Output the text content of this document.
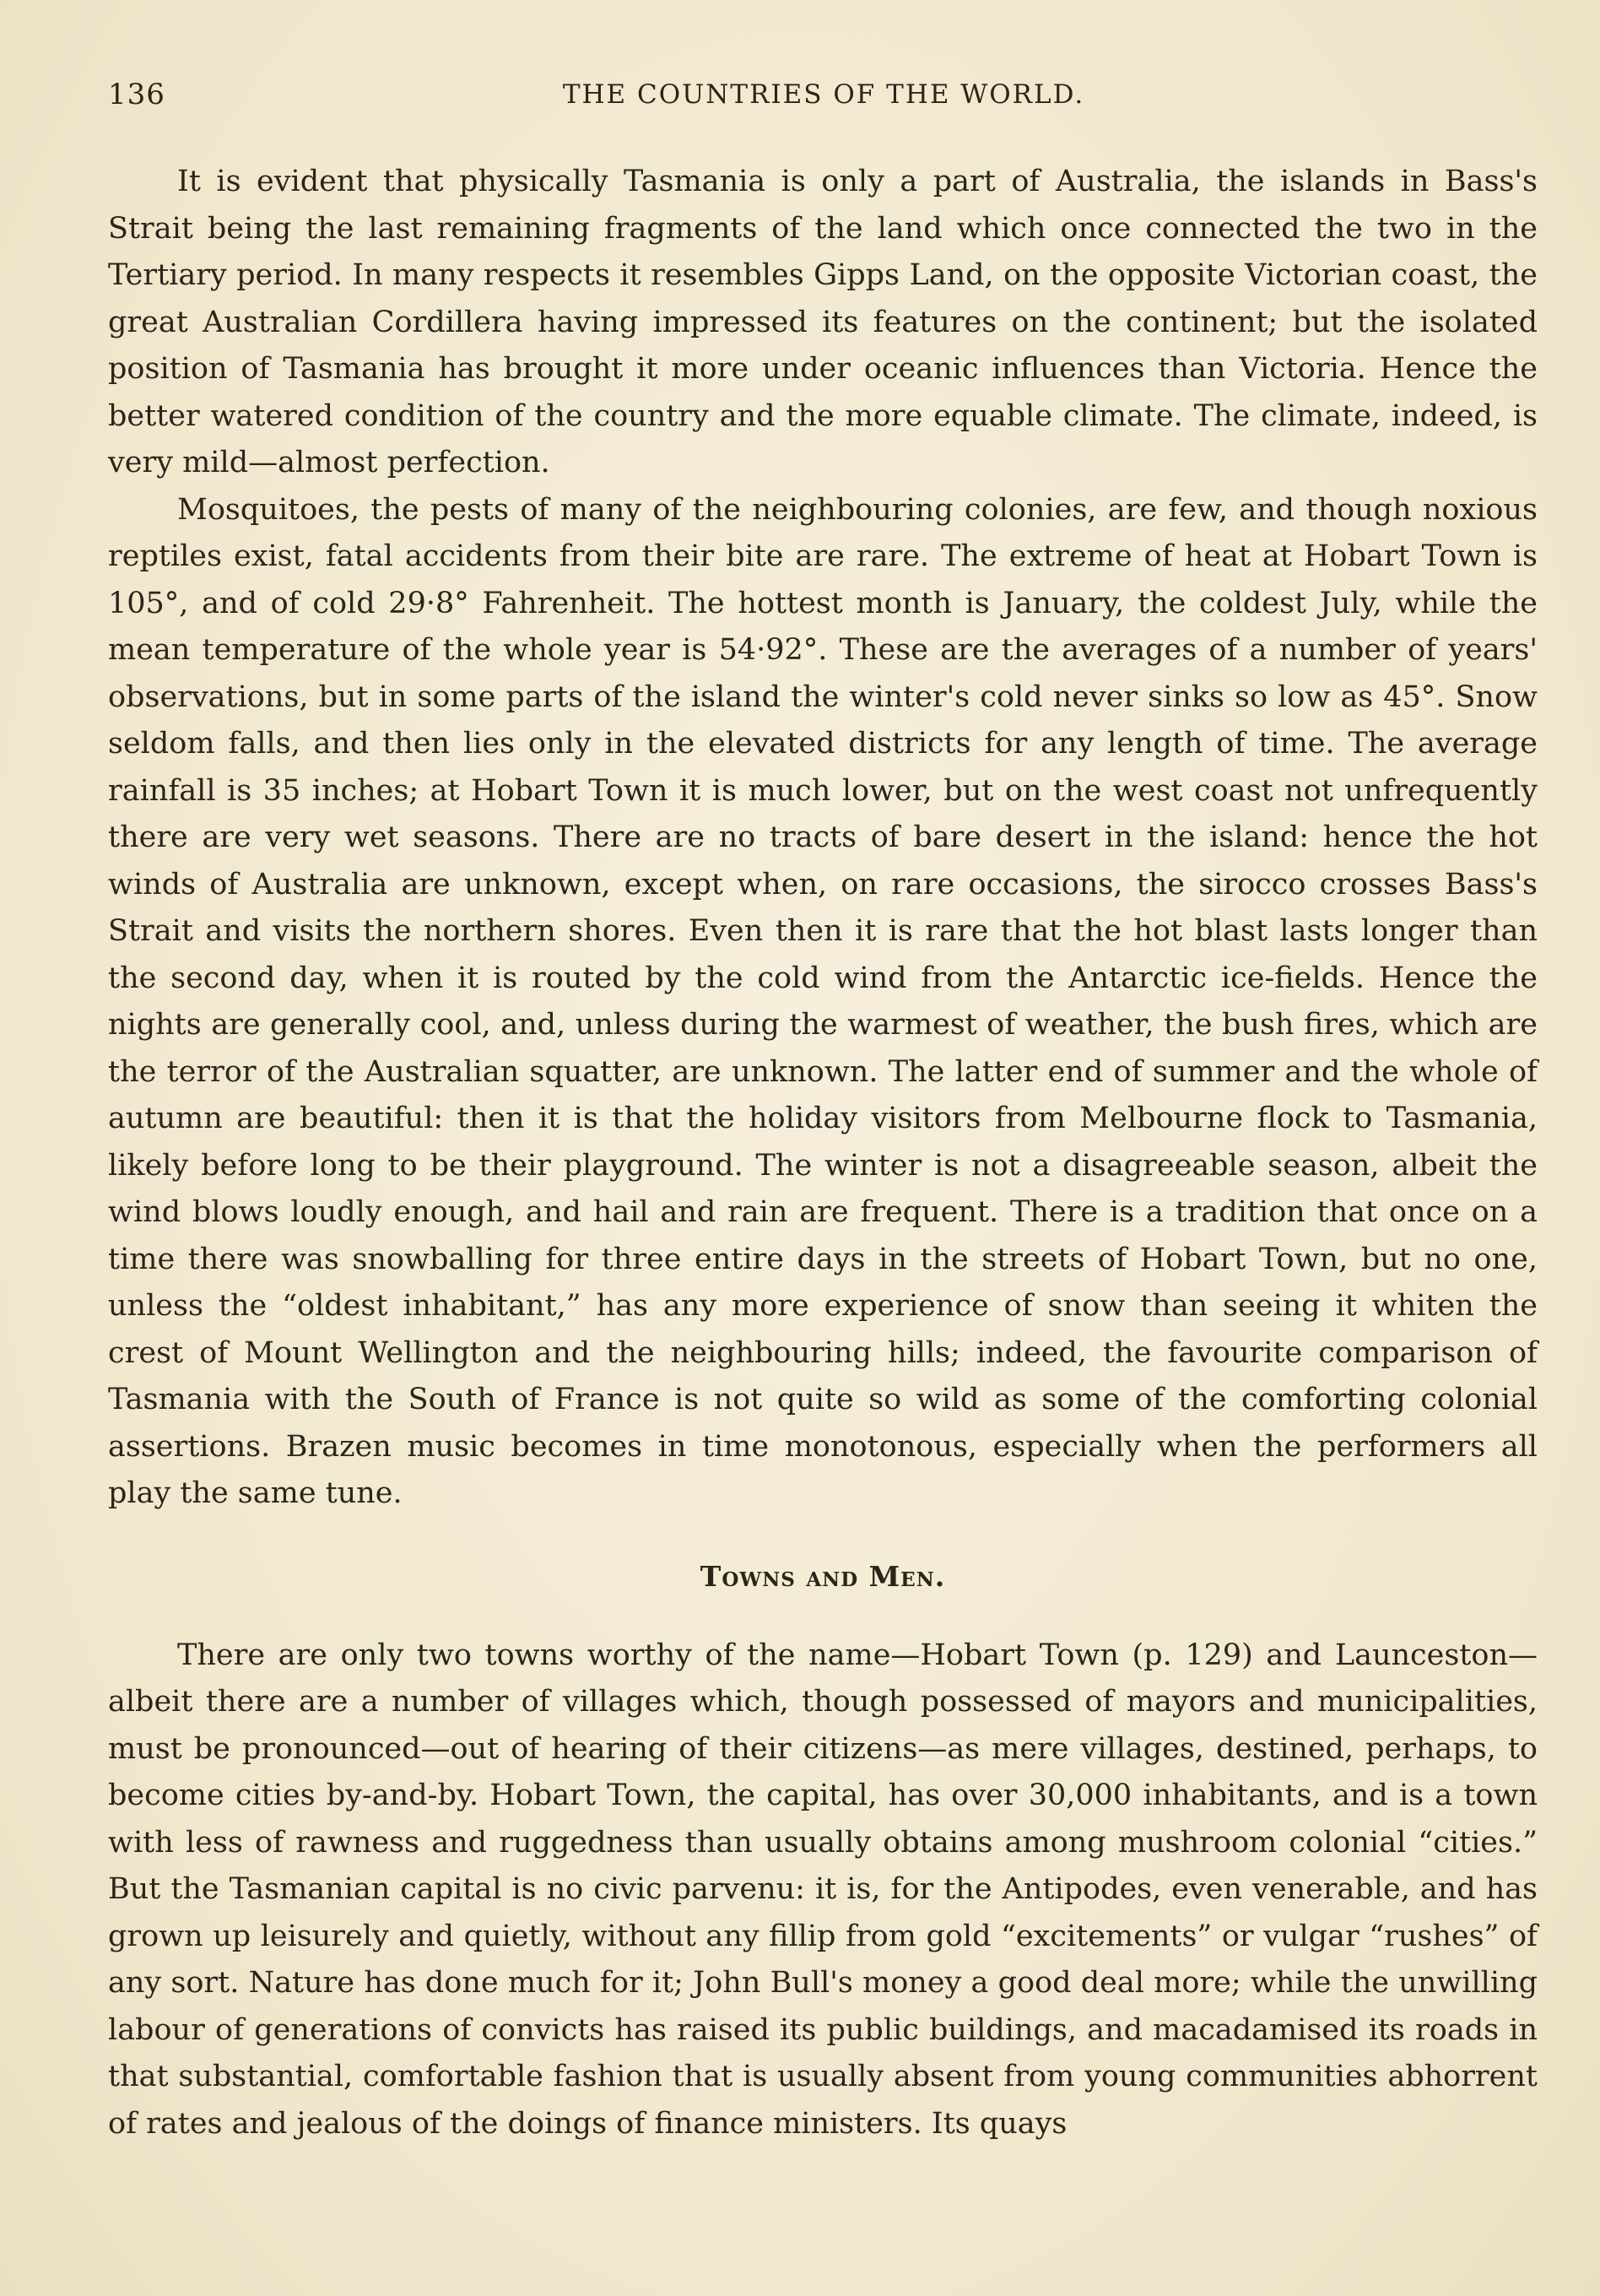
136	THE COUNTRIES OF THE WORLD.

It is evident that physically Tasmania is only a part of Australia, the islands in Bass's Strait being the last remaining fragments of the land which once connected the two in the Tertiary period. In many respects it resembles Gipps Land, on the opposite Victorian coast, the great Australian Cordillera having impressed its features on the continent; but the isolated position of Tasmania has brought it more under oceanic influences than Victoria. Hence the better watered condition of the country and the more equable climate. The climate, indeed, is very mild—almost perfection.

Mosquitoes, the pests of many of the neighbouring colonies, are few, and though noxious reptiles exist, fatal accidents from their bite are rare. The extreme of heat at Hobart Town is 105°, and of cold 29·8° Fahrenheit. The hottest month is January, the coldest July, while the mean temperature of the whole year is 54·92°. These are the averages of a number of years' observations, but in some parts of the island the winter's cold never sinks so low as 45°. Snow seldom falls, and then lies only in the elevated districts for any length of time. The average rainfall is 35 inches; at Hobart Town it is much lower, but on the west coast not unfrequently there are very wet seasons. There are no tracts of bare desert in the island: hence the hot winds of Australia are unknown, except when, on rare occasions, the sirocco crosses Bass's Strait and visits the northern shores. Even then it is rare that the hot blast lasts longer than the second day, when it is routed by the cold wind from the Antarctic ice-fields. Hence the nights are generally cool, and, unless during the warmest of weather, the bush fires, which are the terror of the Australian squatter, are unknown. The latter end of summer and the whole of autumn are beautiful: then it is that the holiday visitors from Melbourne flock to Tasmania, likely before long to be their playground. The winter is not a disagreeable season, albeit the wind blows loudly enough, and hail and rain are frequent. There is a tradition that once on a time there was snowballing for three entire days in the streets of Hobart Town, but no one, unless the “oldest inhabitant,” has any more experience of snow than seeing it whiten the crest of Mount Wellington and the neighbouring hills; indeed, the favourite comparison of Tasmania with the South of France is not quite so wild as some of the comforting colonial assertions. Brazen music becomes in time monotonous, especially when the performers all play the same tune.

Towns and Men.

There are only two towns worthy of the name—Hobart Town (p. 129) and Launceston—albeit there are a number of villages which, though possessed of mayors and municipalities, must be pronounced—out of hearing of their citizens—as mere villages, destined, perhaps, to become cities by-and-by. Hobart Town, the capital, has over 30,000 inhabitants, and is a town with less of rawness and ruggedness than usually obtains among mushroom colonial “cities.” But the Tasmanian capital is no civic parvenu: it is, for the Antipodes, even venerable, and has grown up leisurely and quietly, without any fillip from gold “excitements” or vulgar “rushes” of any sort. Nature has done much for it; John Bull's money a good deal more; while the unwilling labour of generations of convicts has raised its public buildings, and macadamised its roads in that substantial, comfortable fashion that is usually absent from young communities abhorrent of rates and jealous of the doings of finance ministers. Its quays
